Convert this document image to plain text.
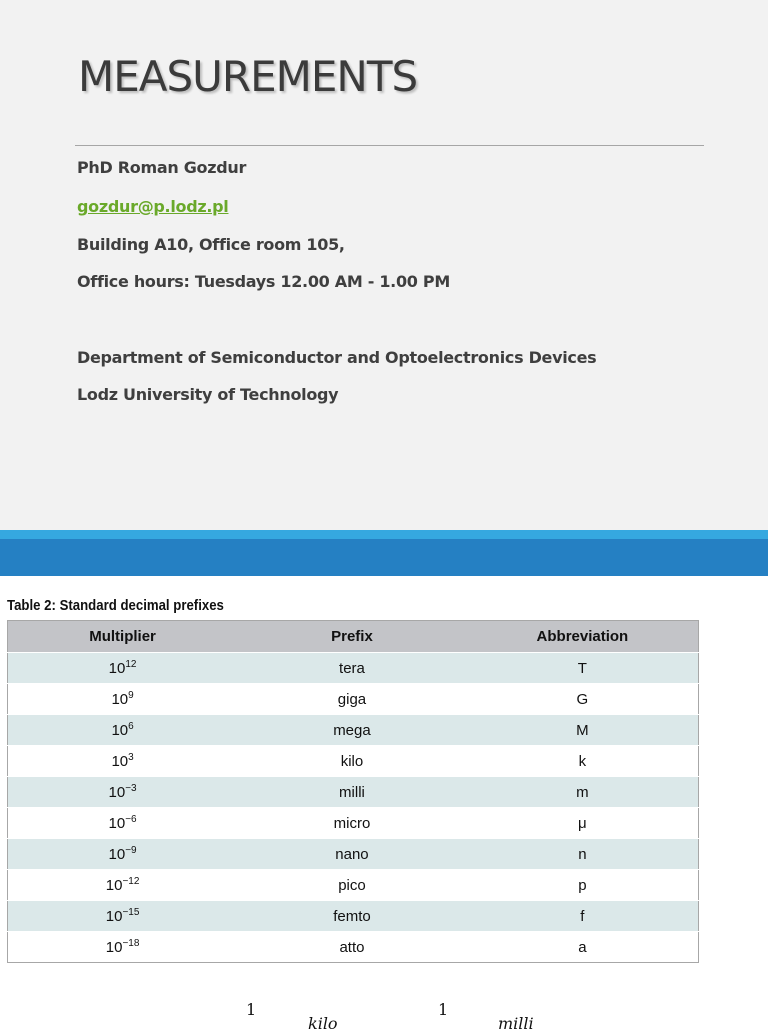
MEASUREMENTS

PhD Roman Gozdur

gozdur@p.lodz.pl

Building A10, Office room 105,

Office hours: Tuesdays 12.00 AM - 1.00 PM

Department of Semiconductor and Optoelectronics Devices

Lodz University of Technology

Table 2: Standard decimal prefixes

Multiplier	Prefix	Abbreviation
$10^{12}$	tera	T
$10^9$	giga	G
$10^6$	mega	M
$10^3$	kilo	k
$10^{-3}$	milli	m
$10^{-6}$	micro	μ
$10^{-9}$	nano	n
$10^{-12}$	pico	p
$10^{-15}$	femto	f
$10^{-18}$	atto	a
1
kilo
1
milli
